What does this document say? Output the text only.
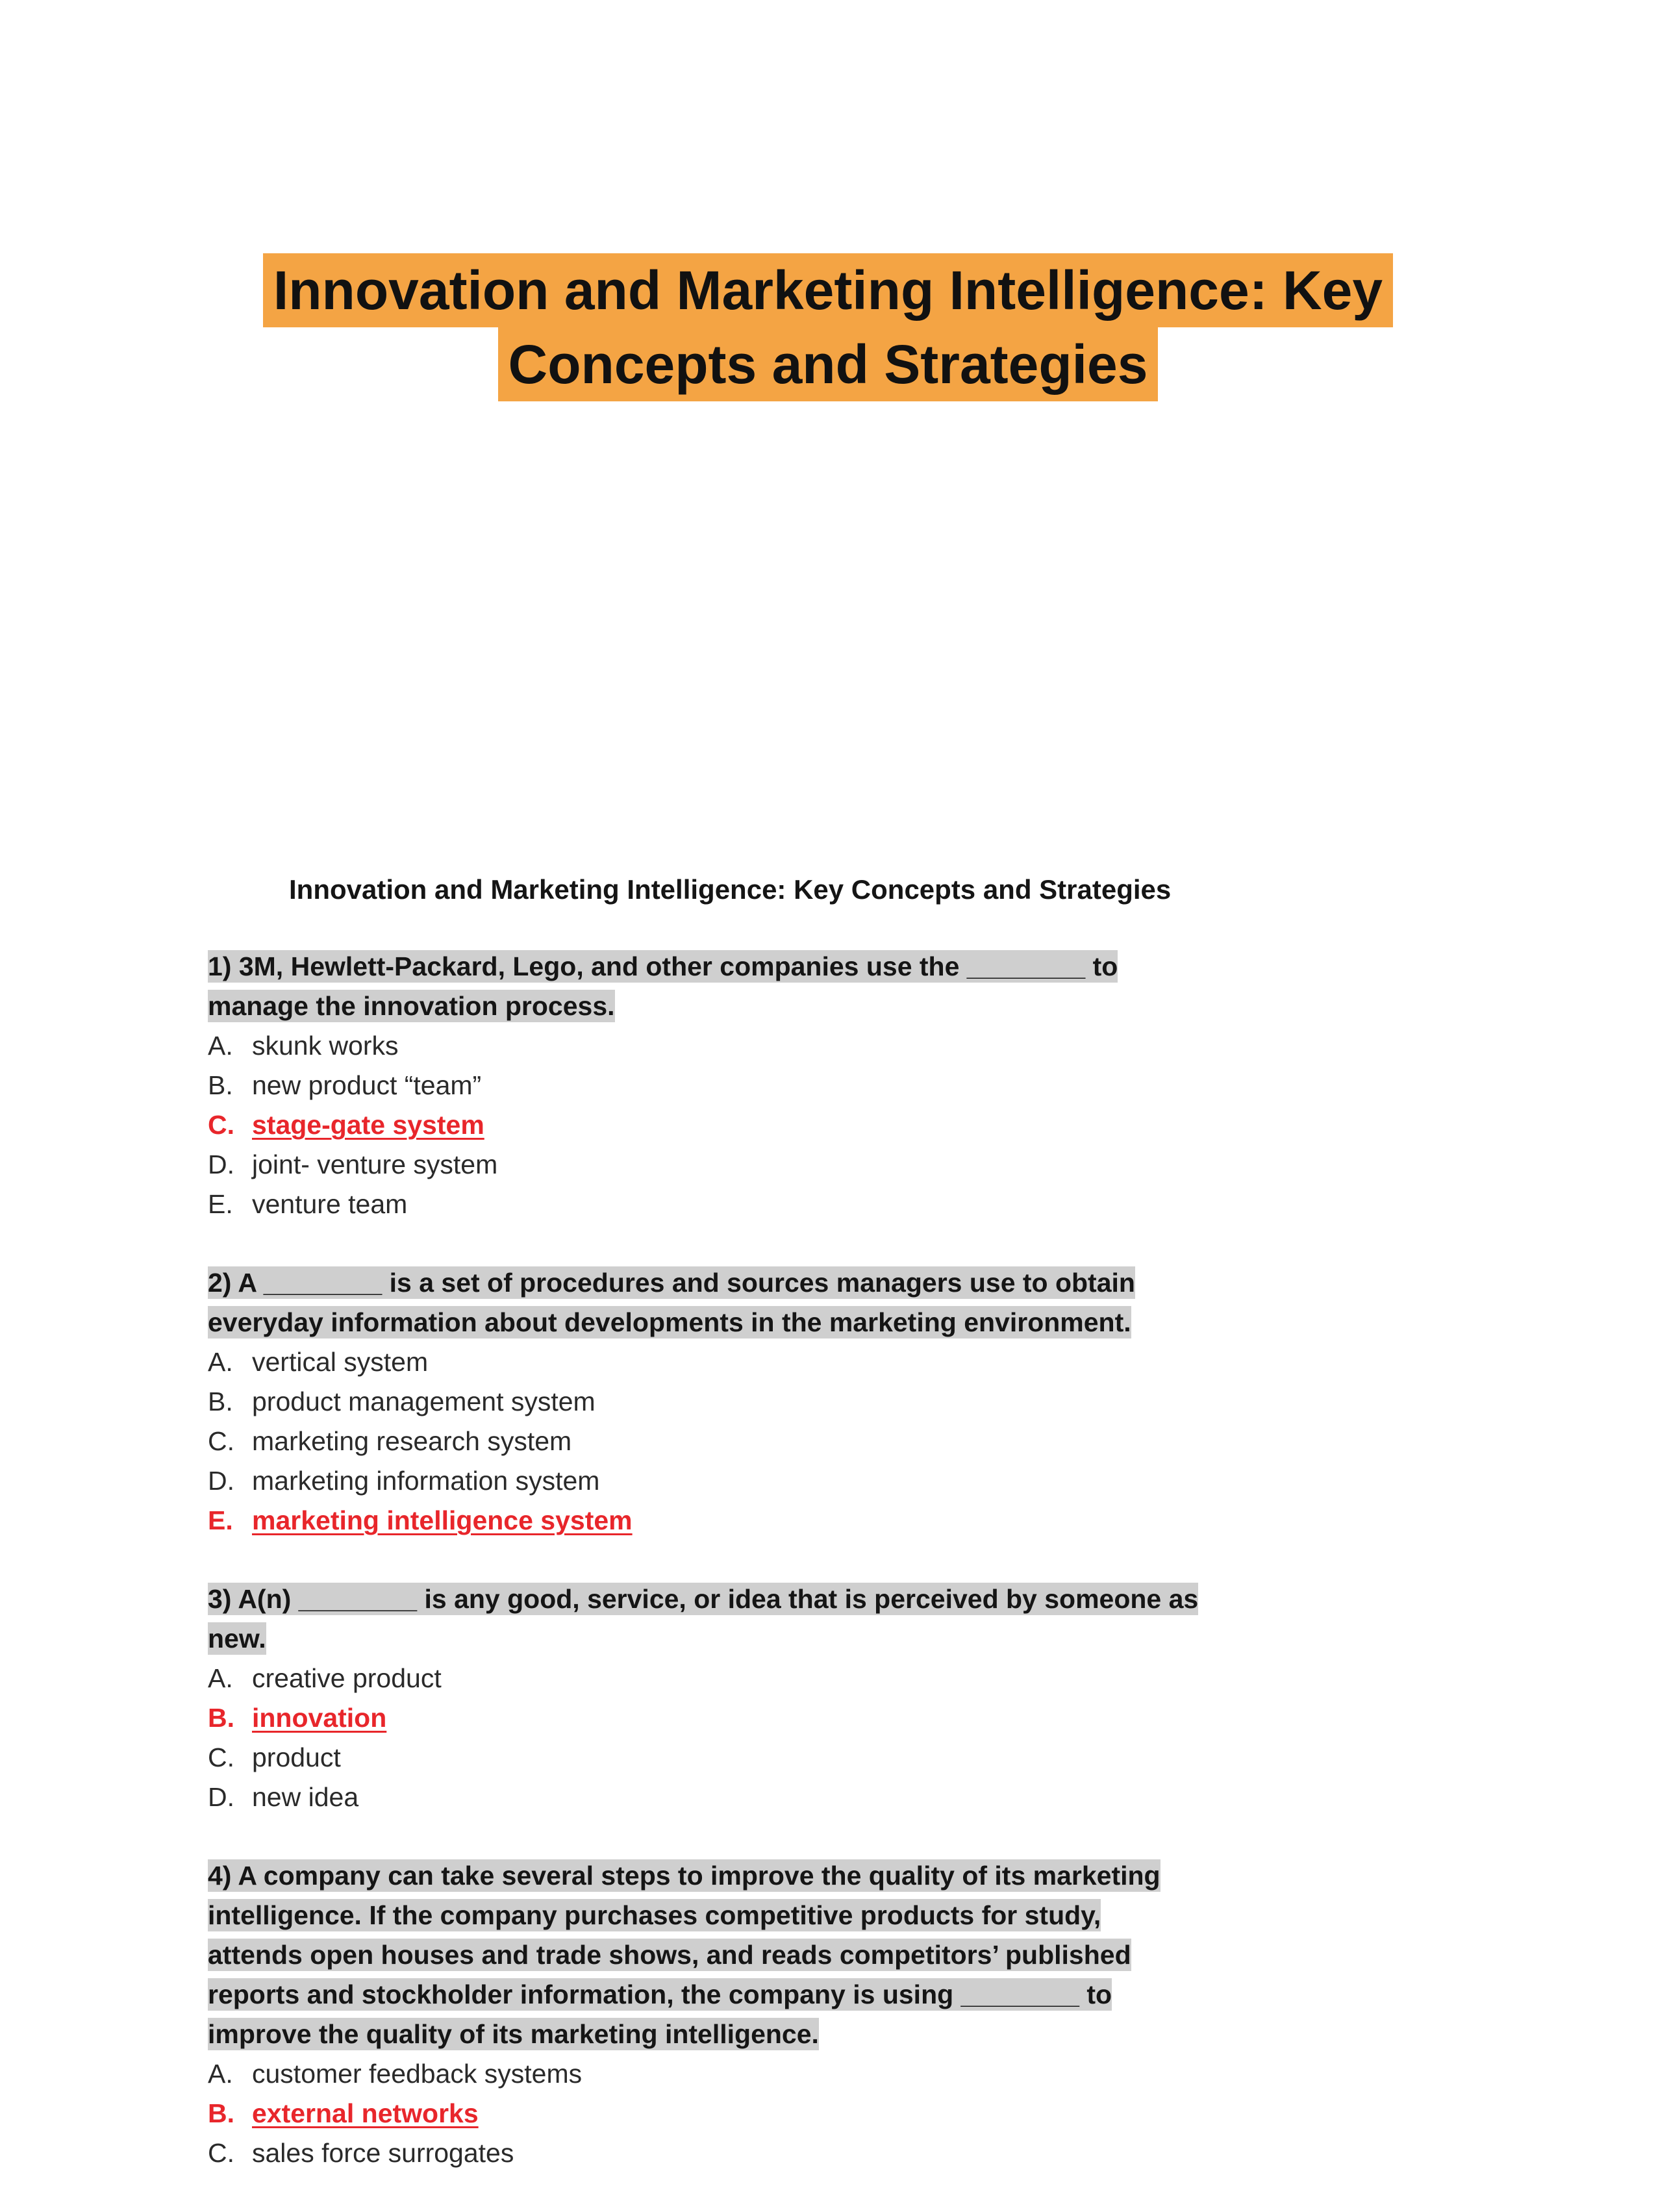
Innovation and Marketing Intelligence: Key
Concepts and Strategies
Innovation and Marketing Intelligence: Key Concepts and Strategies
1) 3M, Hewlett-Packard, Lego, and other companies use the ________ to manage the innovation process.
A. skunk works
B. new product “team”
C. stage-gate system
D. joint- venture system
E. venture team
2) A ________ is a set of procedures and sources managers use to obtain everyday information about developments in the marketing environment.
A. vertical system
B. product management system
C. marketing research system
D. marketing information system
E. marketing intelligence system
3) A(n) ________ is any good, service, or idea that is perceived by someone as new.
A. creative product
B. innovation
C. product
D. new idea
4) A company can take several steps to improve the quality of its marketing intelligence. If the company purchases competitive products for study, attends open houses and trade shows, and reads competitors’ published reports and stockholder information, the company is using ________ to improve the quality of its marketing intelligence.
A. customer feedback systems
B. external networks
C. sales force surrogates
